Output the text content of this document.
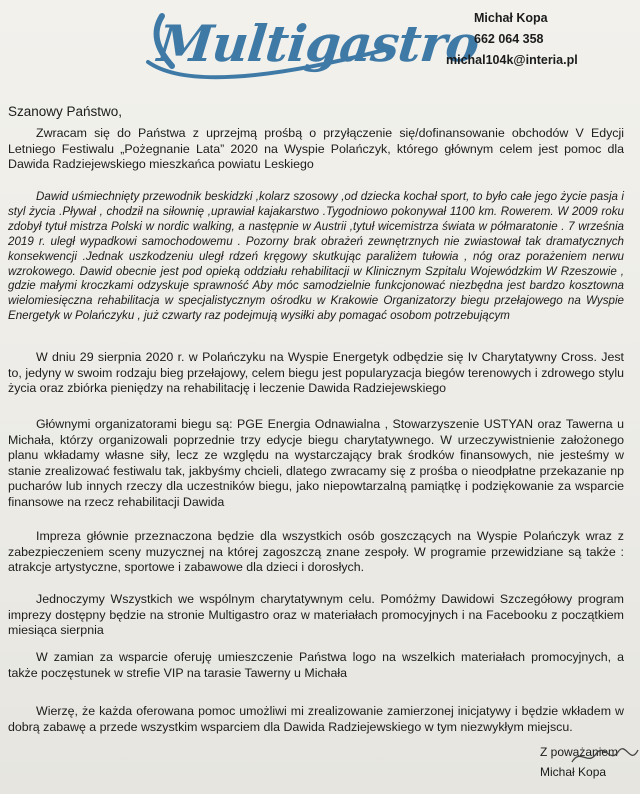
Multigastro
Michał Kopa
662 064 358
michal104k@interia.pl
Szanowy Państwo,

Zwracam się do Państwa z uprzejmą prośbą o przyłączenie się/dofinansowanie obchodów V Edycji Letniego Festiwalu „Pożegnanie Lata” 2020 na Wyspie Polańczyk, którego głównym celem jest pomoc dla Dawida Radziejewskiego mieszkańca powiatu Leskiego

Dawid uśmiechnięty przewodnik beskidzki ,kolarz szosowy ,od dziecka kochał sport, to było całe jego życie pasja i styl życia .Pływał , chodził na siłownię ,uprawiał kajakarstwo .Tygodniowo pokonywał 1100 km. Rowerem. W 2009 roku zdobył tytuł mistrza Polski w nordic walking, a następnie w Austrii ,tytuł wicemistrza świata w półmaratonie . 7 września 2019 r. uległ wypadkowi samochodowemu . Pozorny brak obrażeń zewnętrznych nie zwiastował tak dramatycznych konsekwencji .Jednak uszkodzeniu uległ rdzeń kręgowy skutkując paraliżem tułowia , nóg oraz porażeniem nerwu wzrokowego. Dawid obecnie jest pod opieką oddziału rehabilitacji w Klinicznym Szpitalu Wojewódzkim W Rzeszowie , gdzie małymi kroczkami odzyskuje sprawność Aby móc samodzielnie funkcjonować niezbędna jest bardzo kosztowna wielomiesięczna rehabilitacja w specjalistycznym ośrodku w Krakowie Organizatorzy biegu przełajowego na Wyspie Energetyk w Polańczyku , już czwarty raz podejmują wysiłki aby pomagać osobom potrzebującym

W dniu 29 sierpnia 2020 r. w Polańczyku na Wyspie Energetyk odbędzie się Iv Charytatywny Cross. Jest to, jedyny w swoim rodzaju bieg przełajowy, celem biegu jest popularyzacja biegów terenowych i zdrowego stylu życia oraz zbiórka pieniędzy na rehabilitację i leczenie Dawida Radziejewskiego

Głównymi organizatorami biegu są: PGE Energia Odnawialna , Stowarzyszenie USTYAN oraz Tawerna u Michała, którzy organizowali poprzednie trzy edycje biegu charytatywnego. W urzeczywistnienie założonego planu wkładamy własne siły, lecz ze względu na wystarczający brak środków finansowych, nie jesteśmy w stanie zrealizować festiwalu tak, jakbyśmy chcieli, dlatego zwracamy się z prośba o nieodpłatne przekazanie np pucharów lub innych rzeczy dla uczestników biegu, jako niepowtarzalną pamiątkę i podziękowanie za wsparcie finansowe na rzecz rehabilitacji Dawida

Impreza głównie przeznaczona będzie dla wszystkich osób goszczących na Wyspie Polańczyk wraz z zabezpieczeniem sceny muzycznej na której zagoszczą znane zespoły. W programie przewidziane są także : atrakcje artystyczne, sportowe i zabawowe dla dzieci i dorosłych.

Jednoczymy Wszystkich we wspólnym charytatywnym celu. Pomóżmy Dawidowi Szczegółowy program imprezy dostępny będzie na stronie Multigastro oraz w materiałach promocyjnych i na Facebooku z początkiem miesiąca sierpnia

W zamian za wsparcie oferuję umieszczenie Państwa logo na wszelkich materiałach promocyjnych, a także poczęstunek w strefie VIP na tarasie Tawerny u Michała

Wierzę, że każda oferowana pomoc umożliwi mi zrealizowanie zamierzonej inicjatywy i będzie wkładem w dobrą zabawę a przede wszystkim wsparciem dla Dawida Radziejewskiego w tym niezwykłym miejscu.

Z poważaniem
Michał Kopa
